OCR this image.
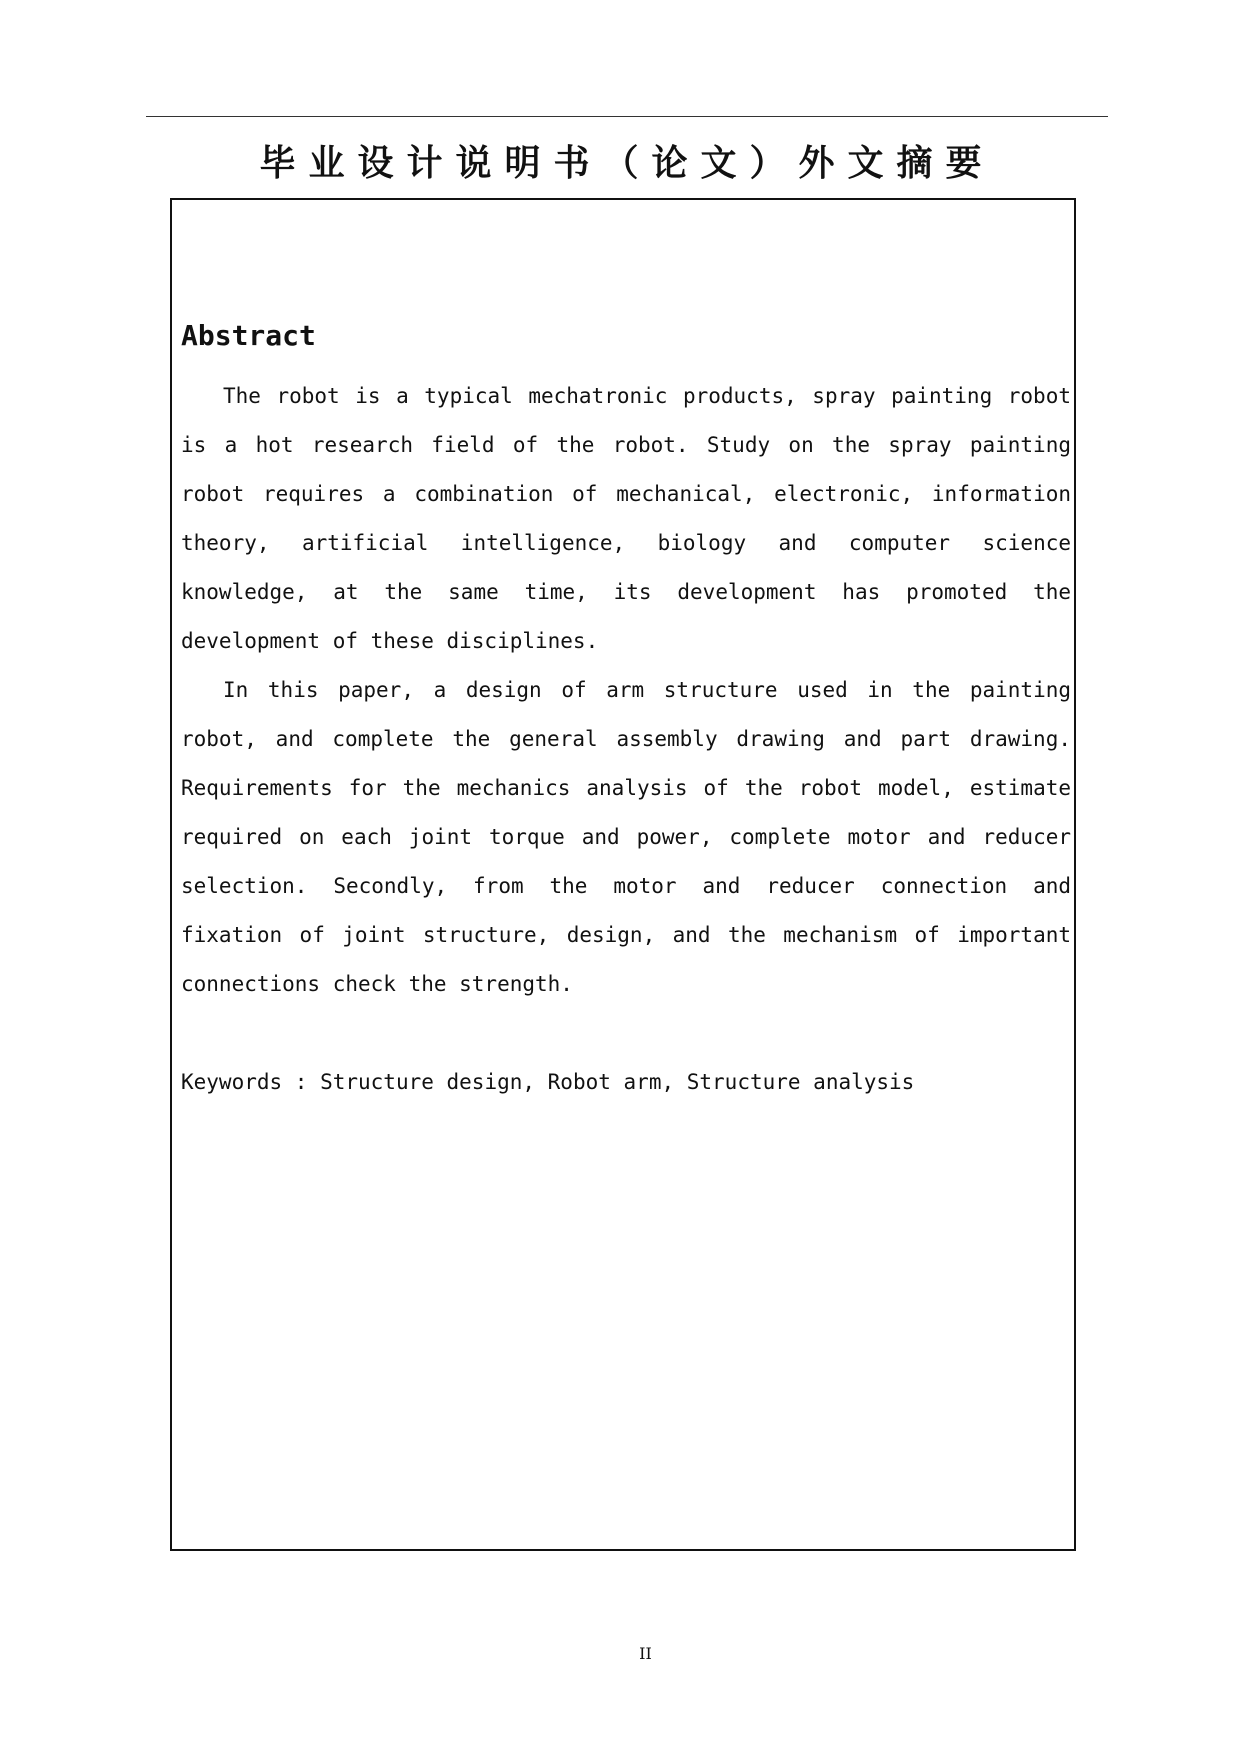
毕业设计说明书（论文）外文摘要
Abstract

The robot is a typical mechatronic products, spray painting robot is a hot research field of the robot. Study on the spray painting robot requires a combination of mechanical, electronic, information theory, artificial intelligence, biology and computer science knowledge, at the same time, its development has promoted the development of these disciplines.

In this paper, a design of arm structure used in the painting robot, and complete the general assembly drawing and part drawing. Requirements for the mechanics analysis of the robot model, estimate required on each joint torque and power, complete motor and reducer selection. Secondly, from the motor and reducer connection and fixation of joint structure, design, and the mechanism of important connections check the strength.

Keywords : Structure design, Robot arm, Structure analysis
II
